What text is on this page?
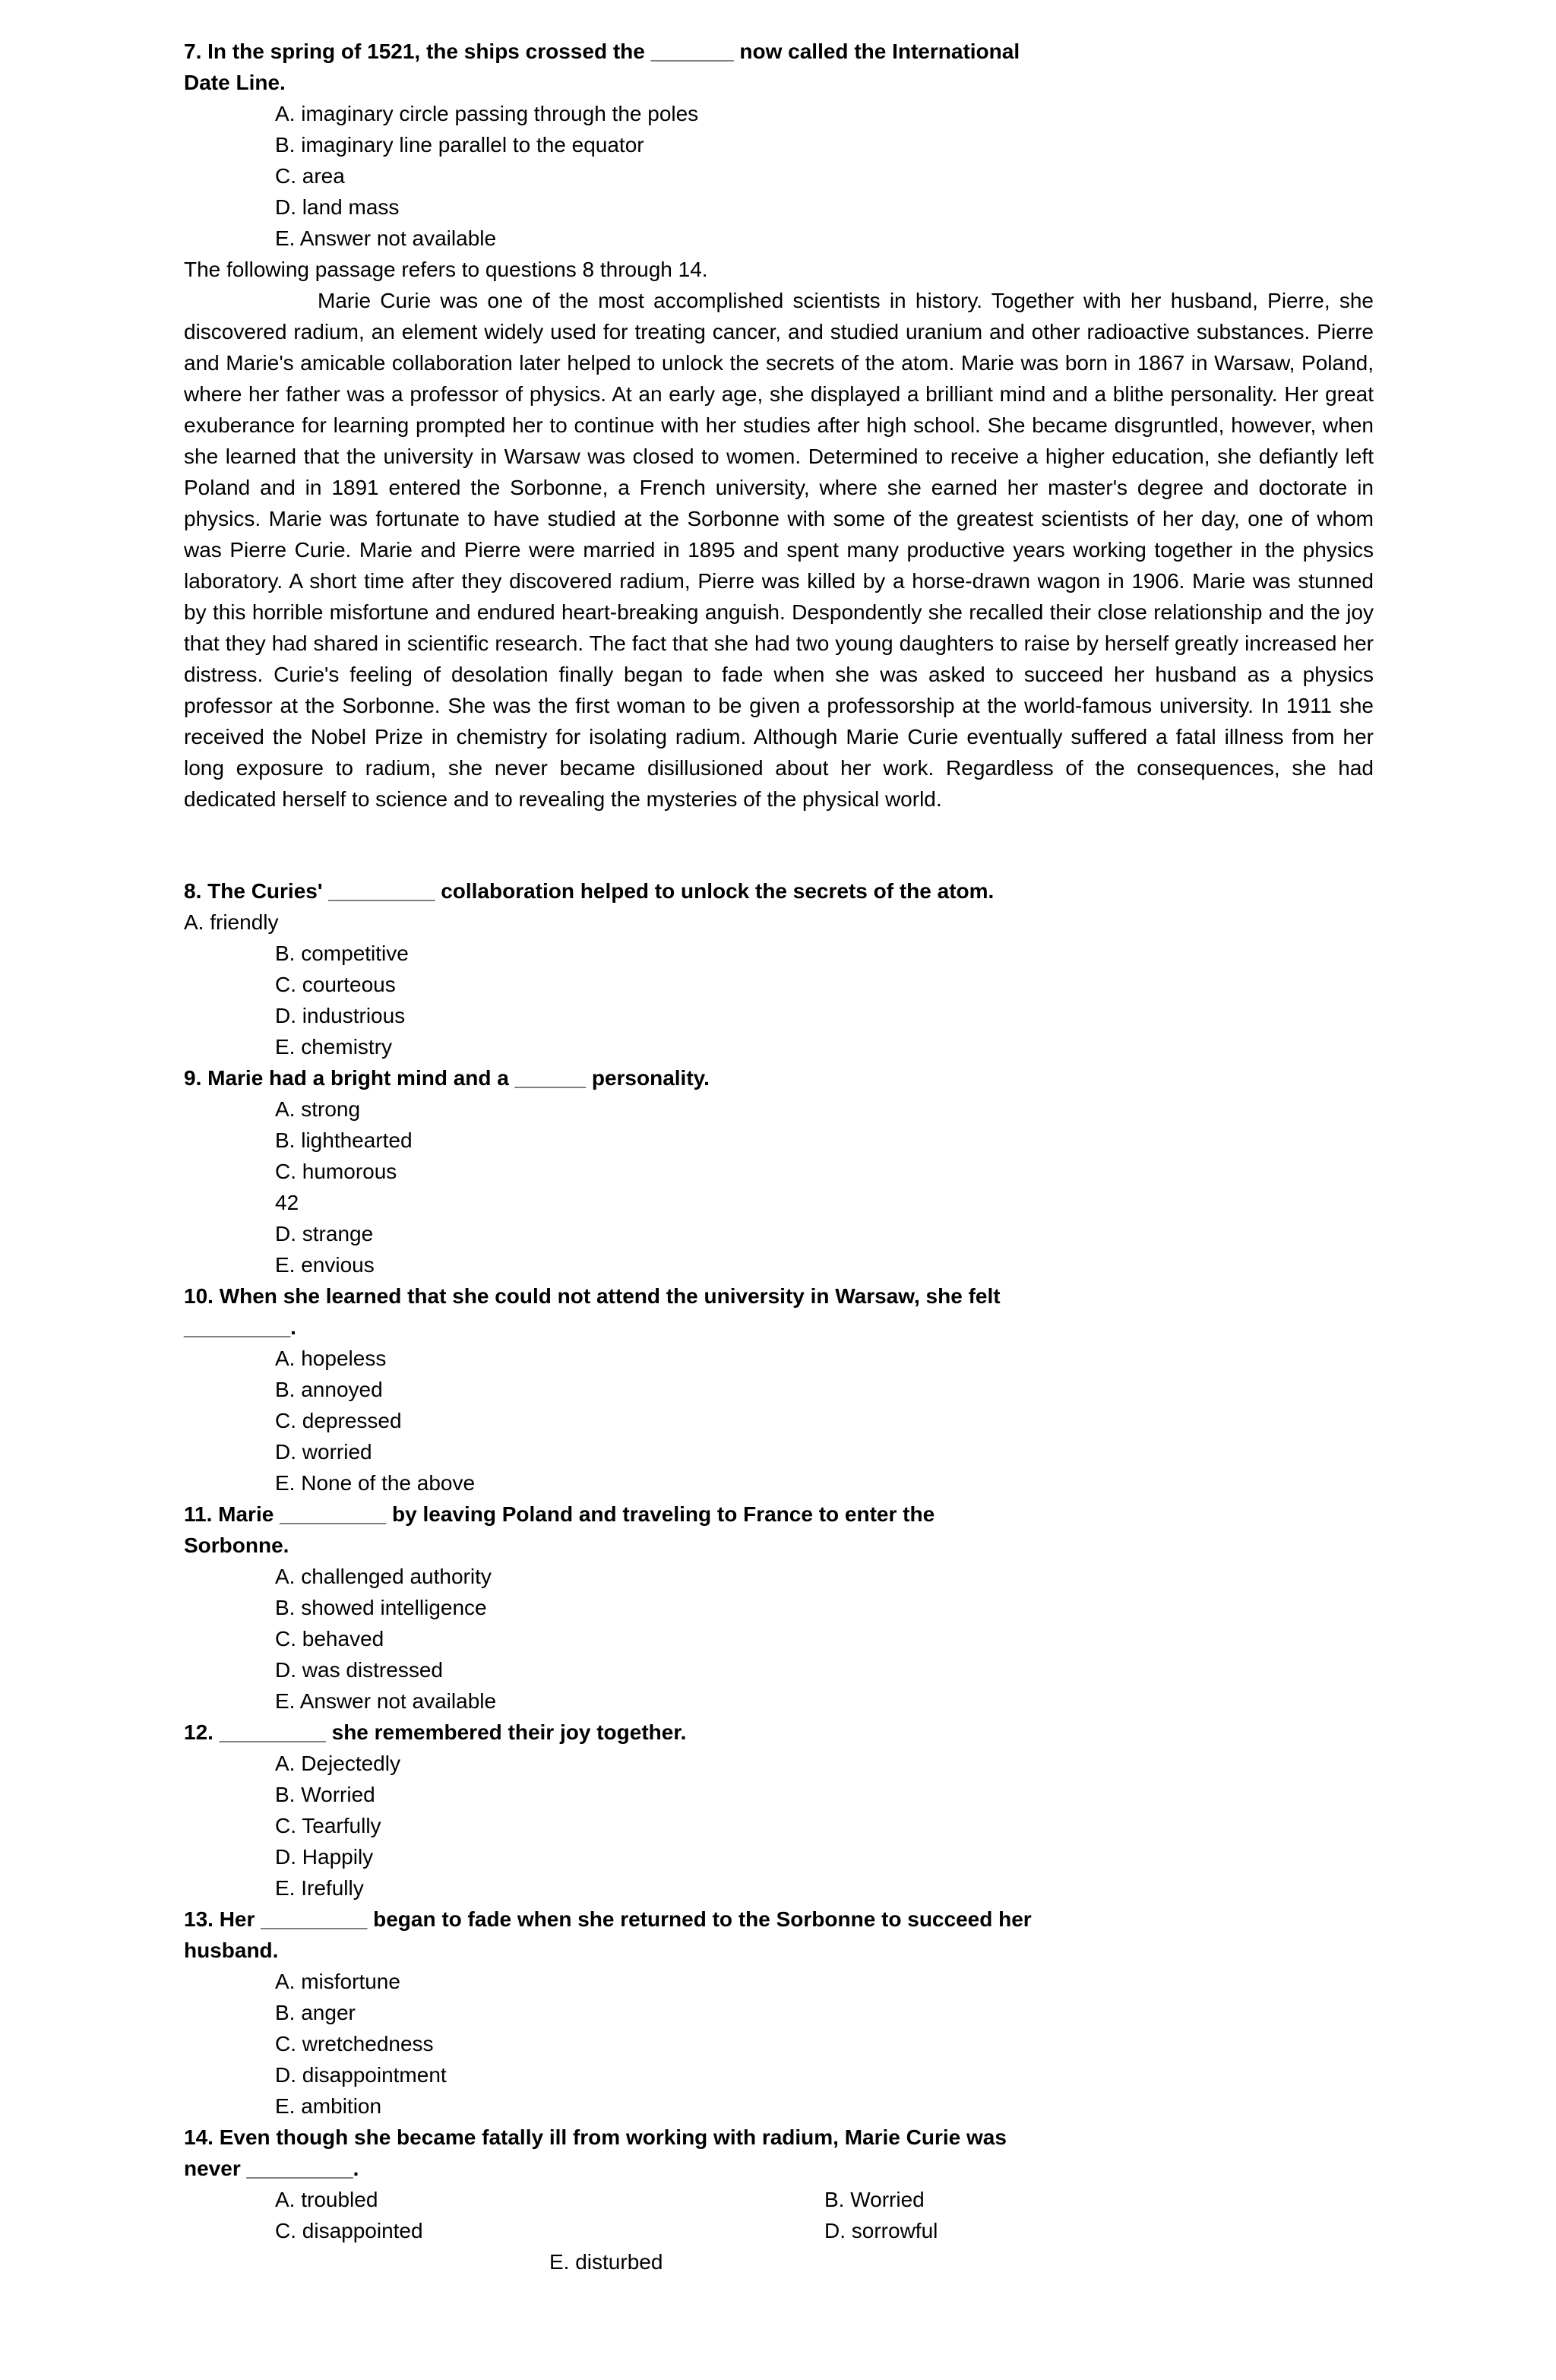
7. In the spring of 1521, the ships crossed the _______ now called the International
Date Line.
A. imaginary circle passing through the poles
B. imaginary line parallel to the equator
C. area
D. land mass
E. Answer not available
The following passage refers to questions 8 through 14.
Marie Curie was one of the most accomplished scientists in history. Together with her husband, Pierre, she discovered radium, an element widely used for treating cancer, and studied uranium and other radioactive substances. Pierre and Marie's amicable collaboration later helped to unlock the secrets of the atom. Marie was born in 1867 in Warsaw, Poland, where her father was a professor of physics. At an early age, she displayed a brilliant mind and a blithe personality. Her great exuberance for learning prompted her to continue with her studies after high school. She became disgruntled, however, when she learned that the university in Warsaw was closed to women. Determined to receive a higher education, she defiantly left Poland and in 1891 entered the Sorbonne, a French university, where she earned her master's degree and doctorate in physics. Marie was fortunate to have studied at the Sorbonne with some of the greatest scientists of her day, one of whom was Pierre Curie. Marie and Pierre were married in 1895 and spent many productive years working together in the physics laboratory. A short time after they discovered radium, Pierre was killed by a horse-drawn wagon in 1906. Marie was stunned by this horrible misfortune and endured heart-breaking anguish. Despondently she recalled their close relationship and the joy that they had shared in scientific research. The fact that she had two young daughters to raise by herself greatly increased her distress. Curie's feeling of desolation finally began to fade when she was asked to succeed her husband as a physics professor at the Sorbonne. She was the first woman to be given a professorship at the world-famous university. In 1911 she received the Nobel Prize in chemistry for isolating radium. Although Marie Curie eventually suffered a fatal illness from her long exposure to radium, she never became disillusioned about her work. Regardless of the consequences, she had dedicated herself to science and to revealing the mysteries of the physical world.
8. The Curies' _________ collaboration helped to unlock the secrets of the atom.
A. friendly
B. competitive
C. courteous
D. industrious
E. chemistry
9. Marie had a bright mind and a ______ personality.
A. strong
B. lighthearted
C. humorous
42
D. strange
E. envious
10. When she learned that she could not attend the university in Warsaw, she felt
_________.
A. hopeless
B. annoyed
C. depressed
D. worried
E. None of the above
11. Marie _________ by leaving Poland and traveling to France to enter the
Sorbonne.
A. challenged authority
B. showed intelligence
C. behaved
D. was distressed
E. Answer not available
12. _________ she remembered their joy together.
A. Dejectedly
B. Worried
C. Tearfully
D. Happily
E. Irefully
13. Her _________ began to fade when she returned to the Sorbonne to succeed her
husband.
A. misfortune
B. anger
C. wretchedness
D. disappointment
E. ambition
14. Even though she became fatally ill from working with radium, Marie Curie was
never _________.
A. troubled	B. Worried
C. disappointed	D. sorrowful
E. disturbed
